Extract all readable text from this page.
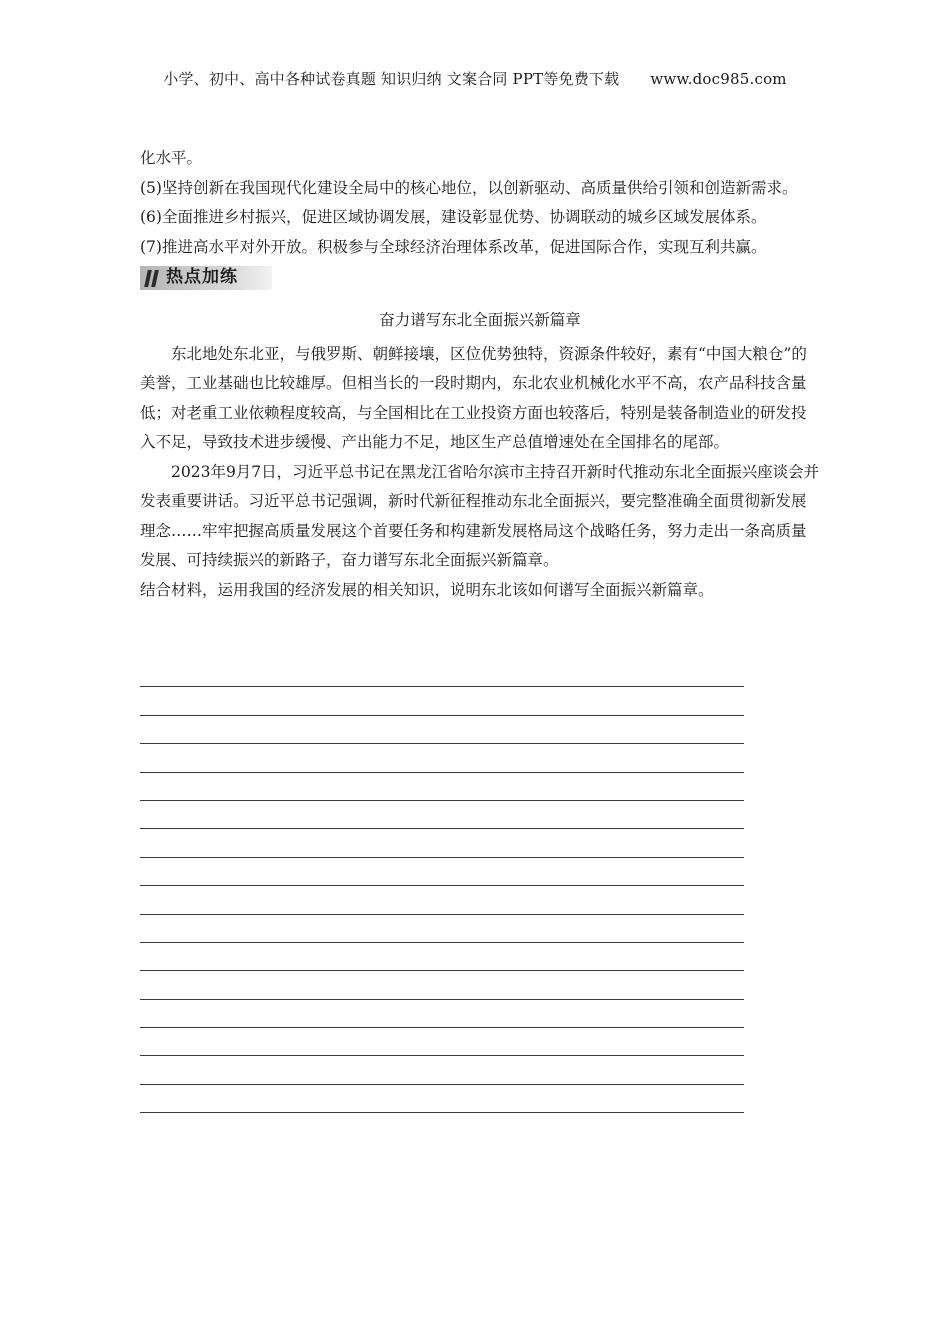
小学、初中、高中各种试卷真题 知识归纳 文案合同 PPT等免费下载 www.doc985.com

化水平。

(5)坚持创新在我国现代化建设全局中的核心地位，以创新驱动、高质量供给引领和创造新需求。

(6)全面推进乡村振兴，促进区域协调发展，建设彰显优势、协调联动的城乡区域发展体系。

(7)推进高水平对外开放。积极参与全球经济治理体系改革，促进国际合作，实现互利共赢。

热点加练

奋力谱写东北全面振兴新篇章

东北地处东北亚，与俄罗斯、朝鲜接壤，区位优势独特，资源条件较好，素有“中国大粮仓”的美誉，工业基础也比较雄厚。但相当长的一段时期内，东北农业机械化水平不高，农产品科技含量低；对老重工业依赖程度较高，与全国相比在工业投资方面也较落后，特别是装备制造业的研发投入不足，导致技术进步缓慢、产出能力不足，地区生产总值增速处在全国排名的尾部。

2023年9月7日，习近平总书记在黑龙江省哈尔滨市主持召开新时代推动东北全面振兴座谈会并发表重要讲话。习近平总书记强调，新时代新征程推动东北全面振兴，要完整准确全面贯彻新发展理念……牢牢把握高质量发展这个首要任务和构建新发展格局这个战略任务，努力走出一条高质量发展、可持续振兴的新路子，奋力谱写东北全面振兴新篇章。

结合材料，运用我国的经济发展的相关知识，说明东北该如何谱写全面振兴新篇章。
